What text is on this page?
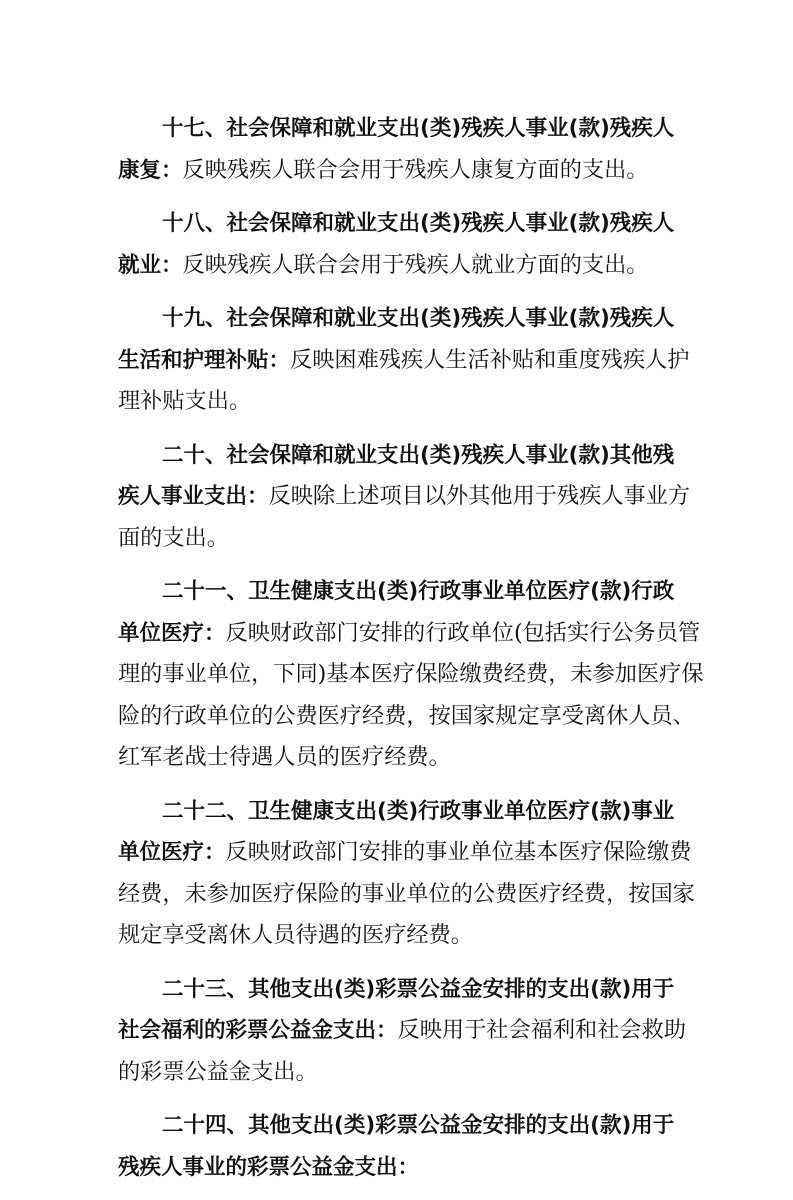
十七、社会保障和就业支出(类)残疾人事业(款)残疾人
康复：反映残疾人联合会用于残疾人康复方面的支出。
十八、社会保障和就业支出(类)残疾人事业(款)残疾人
就业：反映残疾人联合会用于残疾人就业方面的支出。
十九、社会保障和就业支出(类)残疾人事业(款)残疾人
生活和护理补贴：反映困难残疾人生活补贴和重度残疾人护
理补贴支出。
二十、社会保障和就业支出(类)残疾人事业(款)其他残
疾人事业支出：反映除上述项目以外其他用于残疾人事业方
面的支出。
二十一、卫生健康支出(类)行政事业单位医疗(款)行政
单位医疗：反映财政部门安排的行政单位(包括实行公务员管
理的事业单位，下同)基本医疗保险缴费经费，未参加医疗保
险的行政单位的公费医疗经费，按国家规定享受离休人员、
红军老战士待遇人员的医疗经费。
二十二、卫生健康支出(类)行政事业单位医疗(款)事业
单位医疗：反映财政部门安排的事业单位基本医疗保险缴费
经费，未参加医疗保险的事业单位的公费医疗经费，按国家
规定享受离休人员待遇的医疗经费。
二十三、其他支出(类)彩票公益金安排的支出(款)用于
社会福利的彩票公益金支出：反映用于社会福利和社会救助
的彩票公益金支出。
二十四、其他支出(类)彩票公益金安排的支出(款)用于
残疾人事业的彩票公益金支出：
